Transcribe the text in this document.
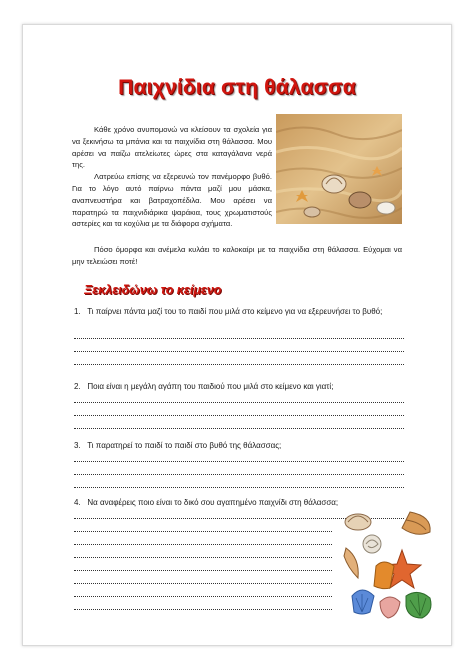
Παιχνίδια στη θάλασσα

Κάθε χρόνο ανυπομονώ να κλείσουν τα σχολεία για να ξεκινήσω τα μπάνια και τα παιχνίδια στη θάλασσα. Μου αρέσει να παίζω ατελείωτες ώρες στα καταγάλανα νερά της.

Λατρεύω επίσης να εξερευνώ τον πανέμορφο βυθό. Για το λόγο αυτό παίρνω πάντα μαζί μου μάσκα, αναπνευστήρα και βατραχοπέδιλα. Μου αρέσει να παρατηρώ τα παιχνιδιάρικα ψαράκια, τους χρωματιστούς αστερίες και τα κοχύλια με τα διάφορα σχήματα.

Πόσο όμορφα και ανέμελα κυλάει το καλοκαίρι με τα παιχνίδια στη θάλασσα. Εύχομαι να μην τελειώσει ποτέ!

Ξεκλειδώνω το κείμενο
1.   Τι παίρνει πάντα μαζί του το παιδί που μιλά στο κείμενο για να εξερευνήσει το βυθό;
2.   Ποια είναι η μεγάλη αγάπη του παιδιού που μιλά στο κείμενο και γιατί;
3.   Τι παρατηρεί το παιδί το παιδί στο βυθό της θάλασσας;
4.   Να αναφέρεις ποιο είναι το δικό σου αγαπημένο παιχνίδι στη θάλασσα;
